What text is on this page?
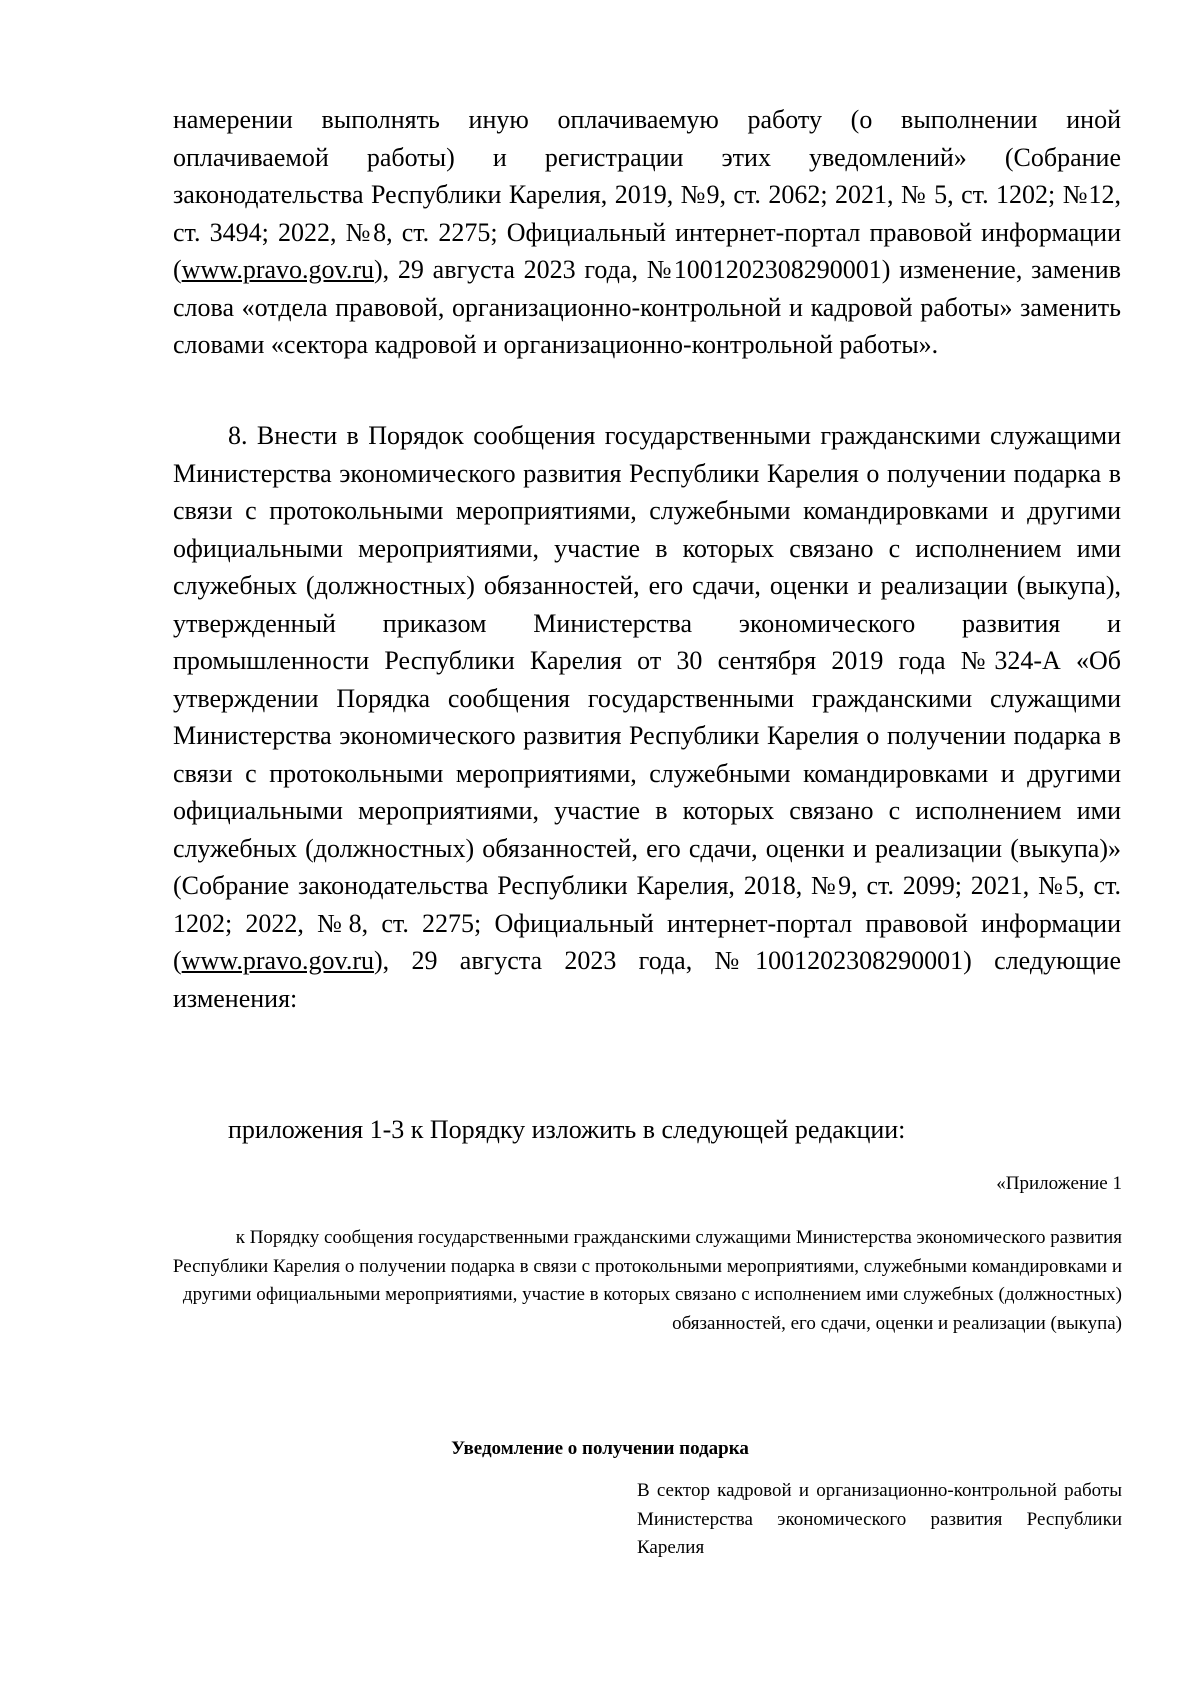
намерении выполнять иную оплачиваемую работу (о выполнении иной оплачиваемой работы) и регистрации этих уведомлений» (Собрание законодательства Республики Карелия, 2019, №9, ст. 2062; 2021, № 5, ст. 1202; №12, ст. 3494; 2022, №8, ст. 2275; Официальный интернет-портал правовой информации (www.pravo.gov.ru), 29 августа 2023 года, №1001202308290001) изменение, заменив слова «отдела правовой, организационно-контрольной и кадровой работы» заменить словами «сектора кадровой и организационно-контрольной работы».
8. Внести в Порядок сообщения государственными гражданскими служащими Министерства экономического развития Республики Карелия о получении подарка в связи с протокольными мероприятиями, служебными командировками и другими официальными мероприятиями, участие в которых связано с исполнением ими служебных (должностных) обязанностей, его сдачи, оценки и реализации (выкупа), утвержденный приказом Министерства экономического развития и промышленности Республики Карелия от 30 сентября 2019 года №324-А «Об утверждении Порядка сообщения государственными гражданскими служащими Министерства экономического развития Республики Карелия о получении подарка в связи с протокольными мероприятиями, служебными командировками и другими официальными мероприятиями, участие в которых связано с исполнением ими служебных (должностных) обязанностей, его сдачи, оценки и реализации (выкупа)» (Собрание законодательства Республики Карелия, 2018, №9, ст. 2099; 2021, №5, ст. 1202; 2022, №8, ст. 2275; Официальный интернет-портал правовой информации (www.pravo.gov.ru), 29 августа 2023 года, №1001202308290001) следующие изменения:
приложения 1-3 к Порядку изложить в следующей редакции:
«Приложение 1
к Порядку сообщения государственными гражданскими служащими Министерства экономического развития Республики Карелия о получении подарка в связи с протокольными мероприятиями, служебными командировками и другими официальными мероприятиями, участие в которых связано с исполнением ими служебных (должностных) обязанностей, его сдачи, оценки и реализации (выкупа)
Уведомление о получении подарка
В сектор кадровой и организационно-контрольной работы Министерства экономического развития Республики Карелия
